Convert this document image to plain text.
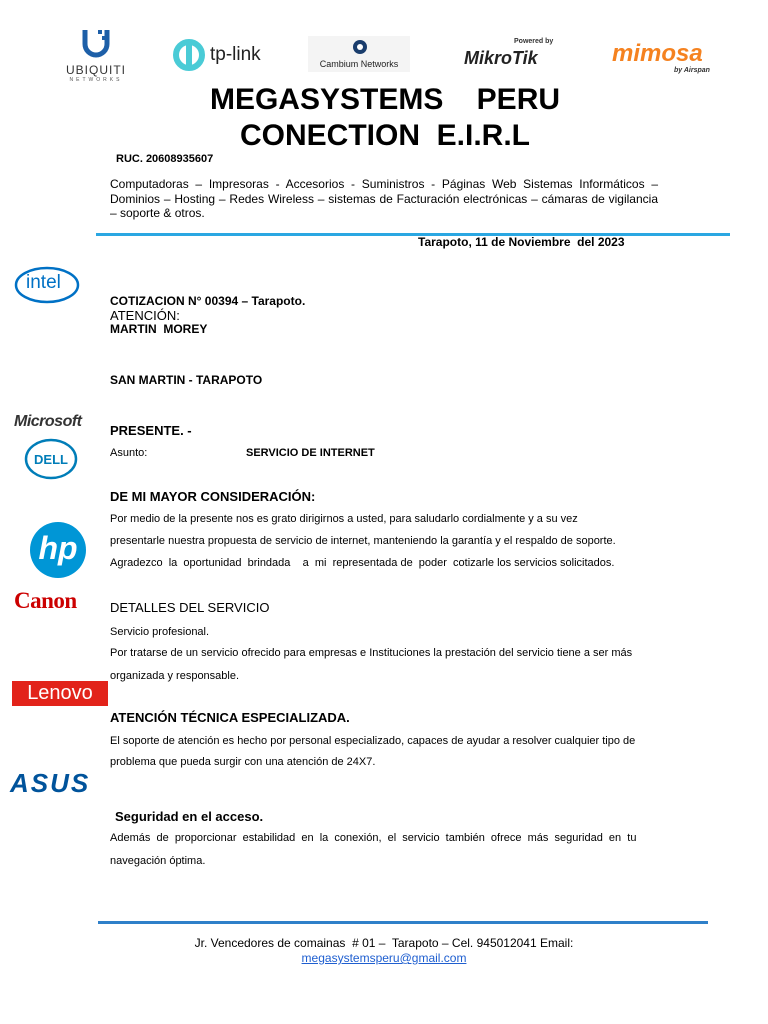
UBIQUITI
NETWORKS
tp-link	Cambium Networks
Powered by
MikroTik	mimosa
by Airspan
MEGASYSTEMS    PERU
CONECTION  E.I.R.L
RUC. 20608935607
Computadoras – Impresoras - Accesorios - Suministros - Páginas Web Sistemas Informáticos – Dominios – Hosting – Redes Wireless – sistemas de Facturación electrónicas – cámaras de vigilancia – soporte & otros.
Tarapoto, 11 de Noviembre  del 2023
intel
Microsoft
DELL
hp
Canon
Lenovo
ASUS
COTIZACION N° 00394 – Tarapoto.
ATENCIÓN:
MARTIN  MOREY
SAN MARTIN - TARAPOTO
PRESENTE. -
Asunto:	SERVICIO DE INTERNET
DE MI MAYOR CONSIDERACIÓN:
Por medio de la presente nos es grato dirigirnos a usted, para saludarlo cordialmente y a su vez
presentarle nuestra propuesta de servicio de internet, manteniendo la garantía y el respaldo de soporte.
Agradezco  la  oportunidad  brindada    a  mi  representada de  poder  cotizarle los servicios solicitados.
DETALLES DEL SERVICIO
Servicio profesional.
Por tratarse de un servicio ofrecido para empresas e Instituciones la prestación del servicio tiene a ser más
organizada y responsable.
ATENCIÓN TÉCNICA ESPECIALIZADA.
El soporte de atención es hecho por personal especializado, capaces de ayudar a resolver cualquier tipo de
problema que pueda surgir con una atención de 24X7.
Seguridad en el acceso.
Además  de  proporcionar  estabilidad  en  la  conexión,  el  servicio  también  ofrece  más  seguridad  en  tu
navegación óptima.
Jr. Vencedores de comainas  # 01 –  Tarapoto – Cel. 945012041 Email:
megasystemsperu@gmail.com
